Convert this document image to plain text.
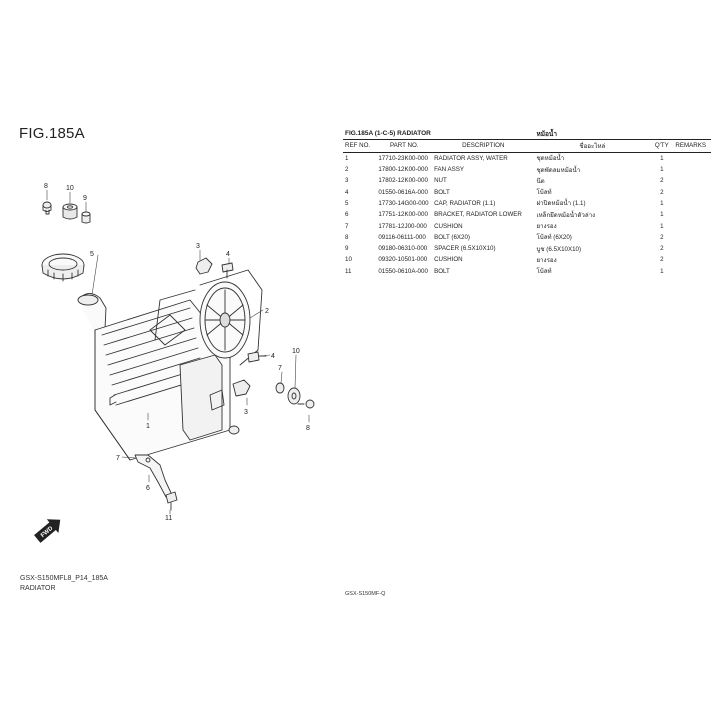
FIG.185A
8	10
9
5
3
4
2
4
3
7
10
8
1
7
6
11
FWD
GSX-S150MFL8_P14_185A
RADIATOR
GSX-S150MF-Q
FIG.185A (1-C-5) RADIATOR			หม้อน้ำ		
REF NO.	PART NO.	DESCRIPTION	ชื่ออะไหล่	Q'TY	REMARKS
1	17710-23K00-000	RADIATOR ASSY, WATER	ชุดหม้อน้ำ	1	
2	17800-12K00-000	FAN ASSY	ชุดพัดลมหม้อน้ำ	1	
3	17802-12K00-000	NUT	น๊ต	2	
4	01550-0616A-000	BOLT	โบ้ลท์	2	
5	17730-14G00-000	CAP, RADIATOR (1.1)	ฝาปิดหม้อน้ำ (1.1)	1	
6	17751-12K00-000	BRACKET, RADIATOR LOWER	เหล็กยึดหม้อน้ำตัวล่าง	1	
7	17781-12J00-000	CUSHION	ยางรอง	1	
8	09116-06111-000	BOLT (6X20)	โบ้ลท์ (6X20)	2	
9	09180-06310-000	SPACER (6.5X10X10)	บูช (6.5X10X10)	2	
10	09320-10501-000	CUSHION	ยางรอง	2	
11	01550-0610A-000	BOLT	โบ้ลท์	1	
